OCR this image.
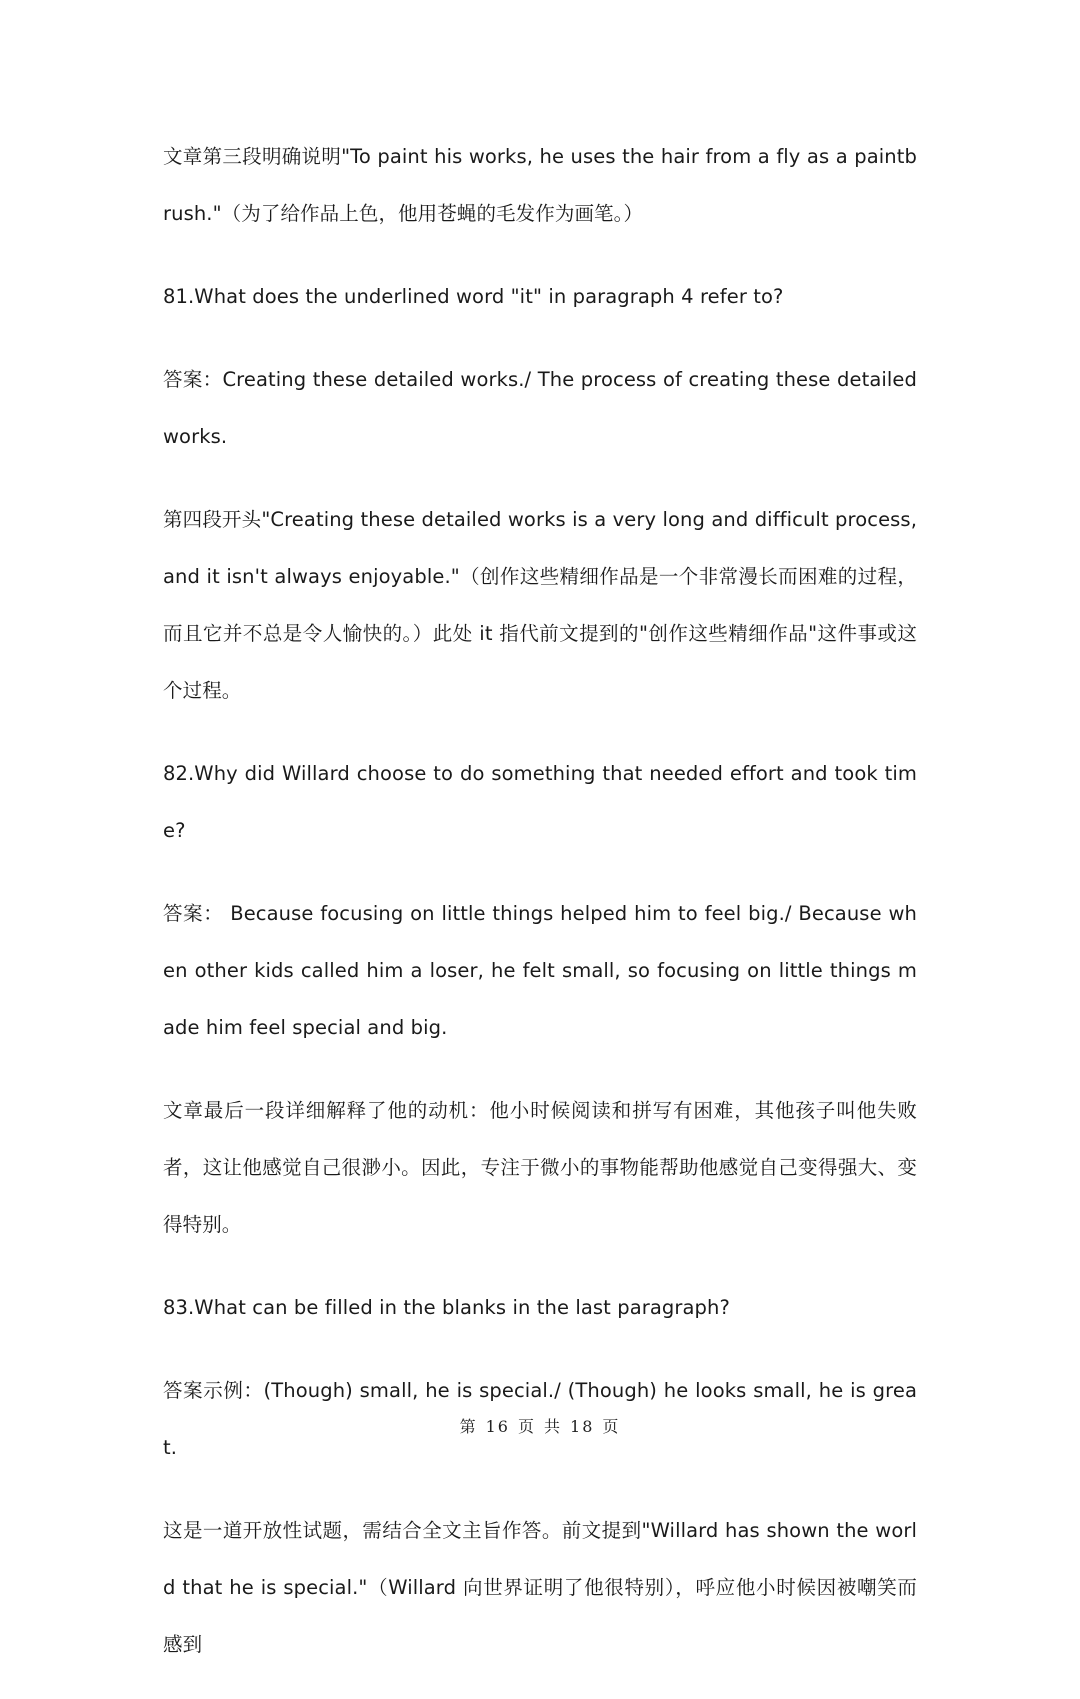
文章第三段明确说明"To paint his works, he uses the hair from a fly as a paintbrush."（为了给作品上色，他用苍蝇的毛发作为画笔。）

81.What does the underlined word "it" in paragraph 4 refer to?

答案：Creating these detailed works./ The process of creating these detailed works.

第四段开头"Creating these detailed works is a very long and difficult process, and it isn't always enjoyable."（创作这些精细作品是一个非常漫长而困难的过程，而且它并不总是令人愉快的。）此处 it 指代前文提到的"创作这些精细作品"这件事或这个过程。

82.Why did Willard choose to do something that needed effort and took time?

答案： Because focusing on little things helped him to feel big./ Because when other kids called him a loser, he felt small, so focusing on little things made him feel special and big.

文章最后一段详细解释了他的动机：他小时候阅读和拼写有困难，其他孩子叫他失败者，这让他感觉自己很渺小。因此，专注于微小的事物能帮助他感觉自己变得强大、变得特别。

83.What can be filled in the blanks in the last paragraph?

答案示例：(Though) small, he is special./ (Though) he looks small, he is great.

这是一道开放性试题，需结合全文主旨作答。前文提到"Willard has shown the world that he is special."（Willard 向世界证明了他很特别），呼应他小时候因被嘲笑而感到

第 16 页 共 18 页
